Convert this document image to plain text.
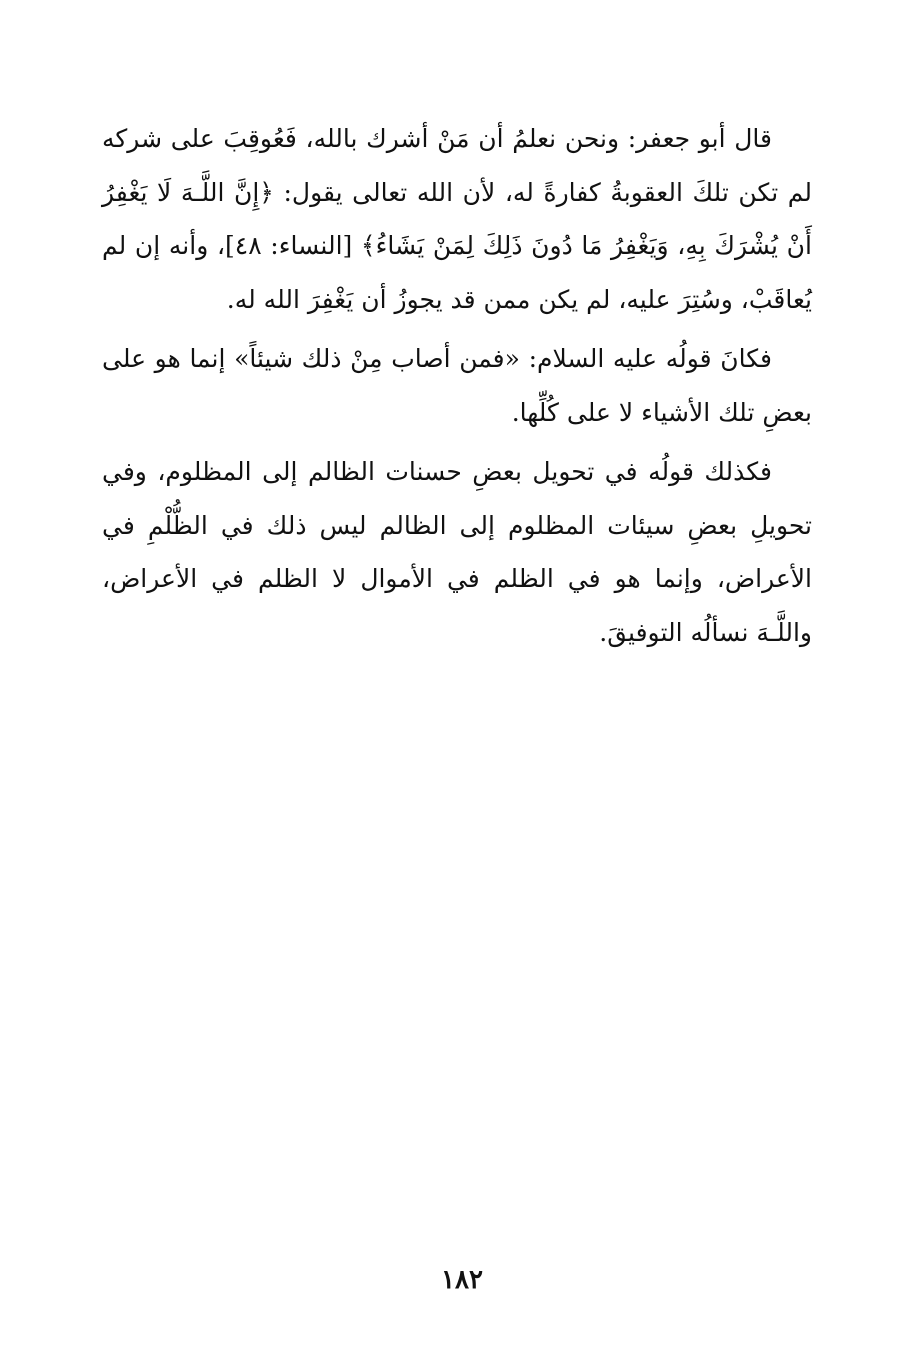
قال أبو جعفر: ونحن نعلمُ أن مَنْ أشرك بالله، فَعُوقِبَ على شركه لم تكن تلكَ العقوبةُ كفارةً له، لأن الله تعالى يقول: ﴿إِنَّ اللَّـهَ لَا يَغْفِرُ أَنْ يُشْرَكَ بِهِ، وَيَغْفِرُ مَا دُونَ ذَلِكَ لِمَنْ يَشَاءُ﴾ [النساء: ٤٨]، وأنه إن لم يُعاقَبْ، وسُتِرَ عليه، لم يكن ممن قد يجوزُ أن يَغْفِرَ الله له.

فكانَ قولُه عليه السلام: «فمن أصاب مِنْ ذلك شيئاً» إنما هو على بعضِ تلك الأشياء لا على كُلِّها.

فكذلك قولُه في تحويل بعضِ حسنات الظالم إلى المظلوم، وفي تحويلِ بعضِ سيئات المظلوم إلى الظالم ليس ذلك في الظُّلْمِ في الأعراض، وإنما هو في الظلم في الأموال لا الظلم في الأعراض، واللَّـهَ نسألُه التوفيقَ.

١٨٢
